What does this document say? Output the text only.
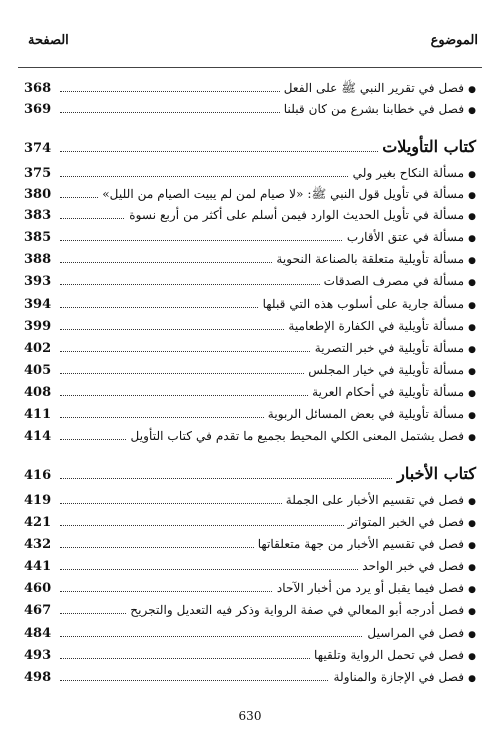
الموضوع
الصفحة
368	●فصل في تقرير النبي ﷺ على الفعل
369	●فصل في خطابنا بشرع من كان قبلنا
374	كتاب التأويلات
375	●مسألة النكاح بغير ولي
380	●مسألة في تأويل قول النبي ﷺ: «لا صيام لمن لم يبيت الصيام من الليل»
383	●مسألة في تأويل الحديث الوارد فيمن أسلم على أكثر من أربع نسوة
385	●مسألة في عتق الأقارب
388	●مسألة تأويلية متعلقة بالصناعة النحوية
393	●مسألة في مصرف الصدقات
394	●مسألة جارية على أسلوب هذه التي قبلها
399	●مسألة تأويلية في الكفارة الإطعامية
402	●مسألة تأويلية في خبر التصرية
405	●مسألة تأويلية في خيار المجلس
408	●مسألة تأويلية في أحكام العرية
411	●مسألة تأويلية في بعض المسائل الربوية
414	●فصل يشتمل المعنى الكلي المحيط بجميع ما تقدم في كتاب التأويل
416	كتاب الأخبار
419	●فصل في تقسيم الأخبار على الجملة
421	●فصل في الخبر المتواتر
432	●فصل في تقسيم الأخبار من جهة متعلقاتها
441	●فصل في خبر الواحد
460	●فصل فيما يقبل أو يرد من أخبار الآحاد
467	●فصل أدرجه أبو المعالي في صفة الرواية وذكر فيه التعديل والتجريح
484	●فصل في المراسيل
493	●فصل في تحمل الرواية وتلقيها
498	●فصل في الإجازة والمناولة
630
